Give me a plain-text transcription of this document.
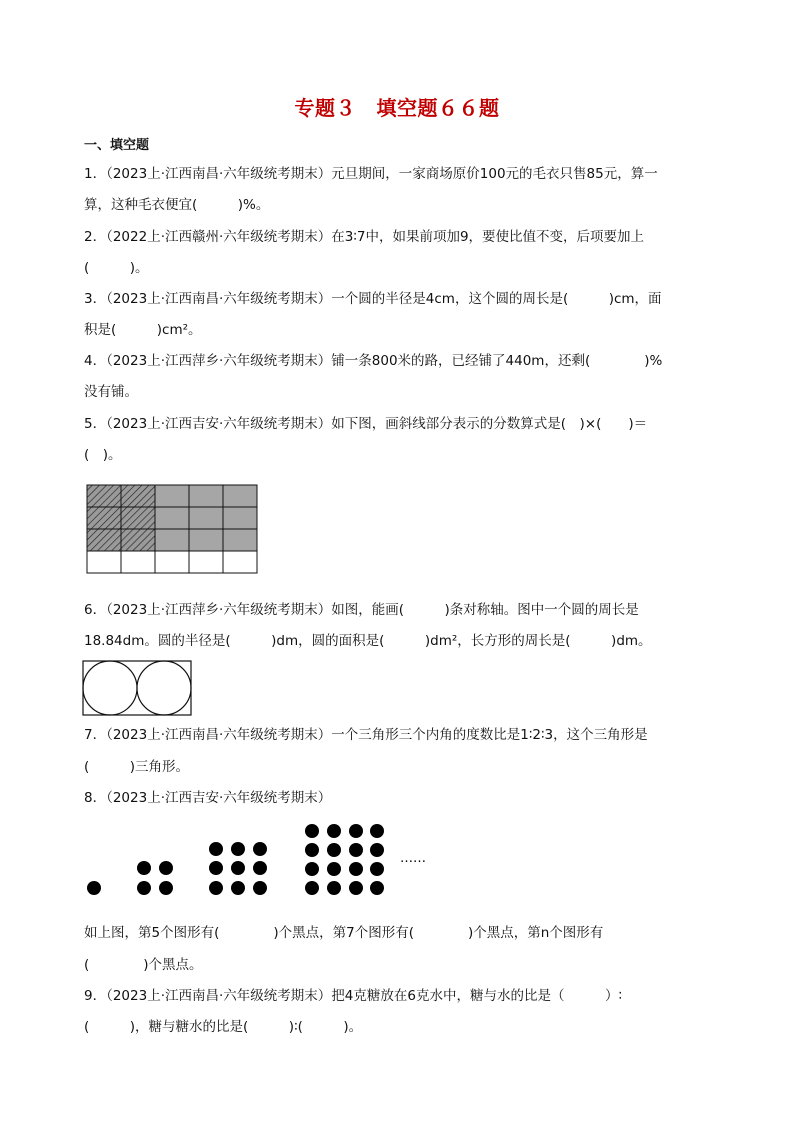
专题３　填空题６６题
一、填空题
1．（2023上·江西南昌·六年级统考期末）元旦期间，一家商场原价100元的毛衣只售85元，算一
算，这种毛衣便宜(　　　)%。
2．（2022上·江西赣州·六年级统考期末）在3∶7中，如果前项加9，要使比值不变，后项要加上
(　　　)。
3．（2023上·江西南昌·六年级统考期末）一个圆的半径是4cm，这个圆的周长是(　　　)cm，面
积是(　　　)cm²。
4．（2023上·江西萍乡·六年级统考期末）铺一条800米的路，已经铺了440m，还剩(　　　　)%
没有铺。
5．（2023上·江西吉安·六年级统考期末）如下图，画斜线部分表示的分数算式是(　)×(　　)＝
(　)。
6．（2023上·江西萍乡·六年级统考期末）如图，能画(　　　)条对称轴。图中一个圆的周长是
18.84dm。圆的半径是(　　　)dm，圆的面积是(　　　)dm²，长方形的周长是(　　　)dm。
7．（2023上·江西南昌·六年级统考期末）一个三角形三个内角的度数比是1∶2∶3，这个三角形是
(　　　)三角形。
8．（2023上·江西吉安·六年级统考期末）
……
如上图，第5个图形有(　　　　)个黑点，第7个图形有(　　　　)个黑点，第n个图形有
(　　　　)个黑点。
9．（2023上·江西南昌·六年级统考期末）把4克糖放在6克水中，糖与水的比是（　　　）∶
(　　　)，糖与糖水的比是(　　　)∶(　　　)。
